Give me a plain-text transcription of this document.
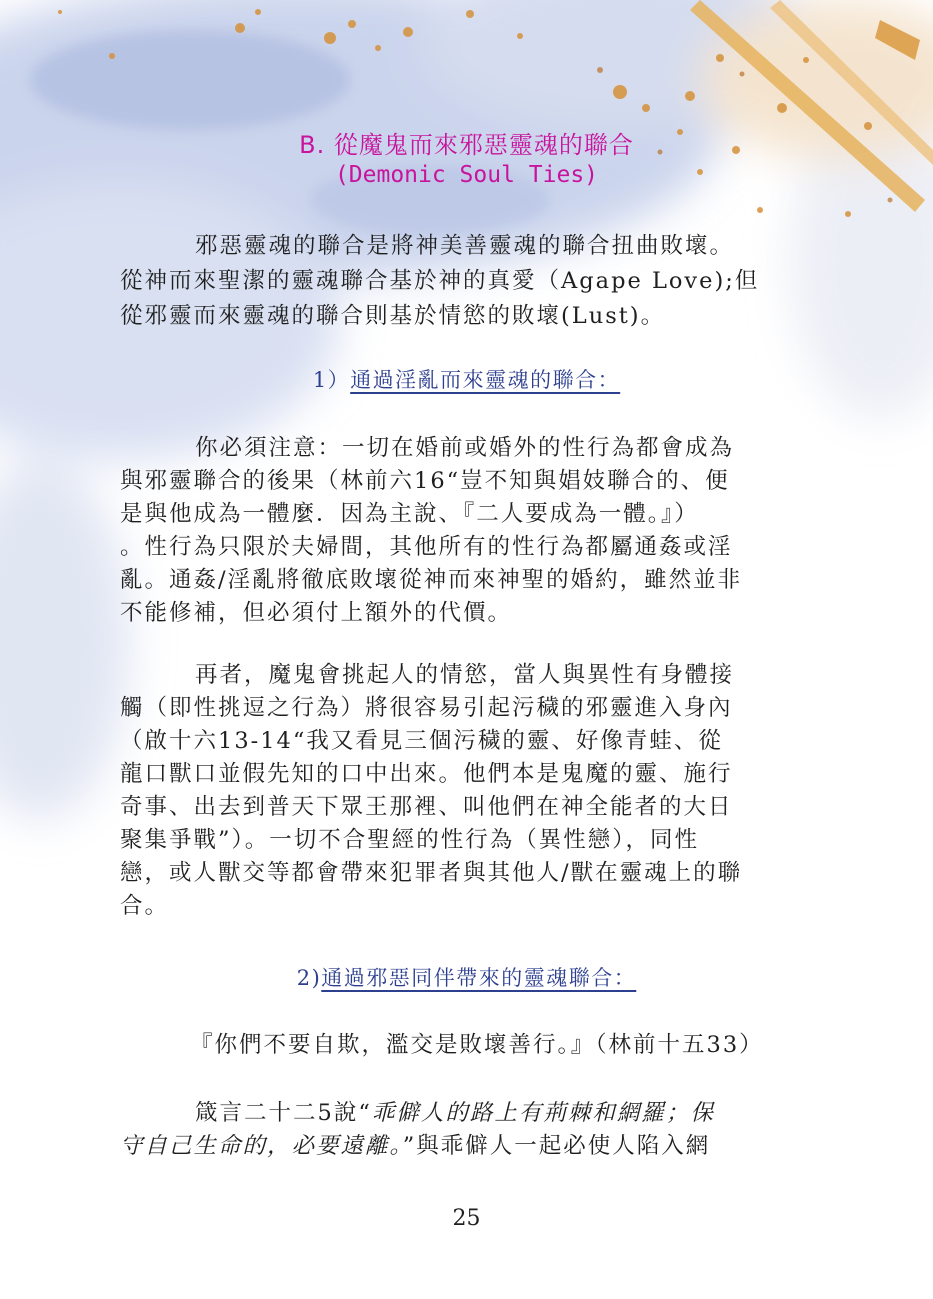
B. 從魔鬼而來邪惡靈魂的聯合
(Demonic Soul Ties)
邪惡靈魂的聯合是將神美善靈魂的聯合扭曲敗壞。
從神而來聖潔的靈魂聯合基於神的真愛（Agape Love);但
從邪靈而來靈魂的聯合則基於情慾的敗壞(Lust)。
1）通過淫亂而來靈魂的聯合：
你必須注意：一切在婚前或婚外的性行為都會成為
與邪靈聯合的後果（林前六16“豈不知與娼妓聯合的、便
是與他成為一體麼．因為主說、『二人要成為一體。』）
。性行為只限於夫婦間，其他所有的性行為都屬通姦或淫
亂。通姦/淫亂將徹底敗壞從神而來神聖的婚約，雖然並非
不能修補，但必須付上額外的代價。
再者，魔鬼會挑起人的情慾，當人與異性有身體接
觸（即性挑逗之行為）將很容易引起污穢的邪靈進入身內
（啟十六13-14“我又看見三個污穢的靈、好像青蛙、從
龍口獸口並假先知的口中出來。他們本是鬼魔的靈、施行
奇事、出去到普天下眾王那裡、叫他們在神全能者的大日
聚集爭戰”）。一切不合聖經的性行為（異性戀），同性
戀，或人獸交等都會帶來犯罪者與其他人/獸在靈魂上的聯
合。
2)通過邪惡同伴帶來的靈魂聯合：
『你們不要自欺，濫交是敗壞善行。』（林前十五33）
箴言二十二5說“乖僻人的路上有荊棘和網羅；保
守自己生命的，必要遠離。”與乖僻人一起必使人陷入網
25
